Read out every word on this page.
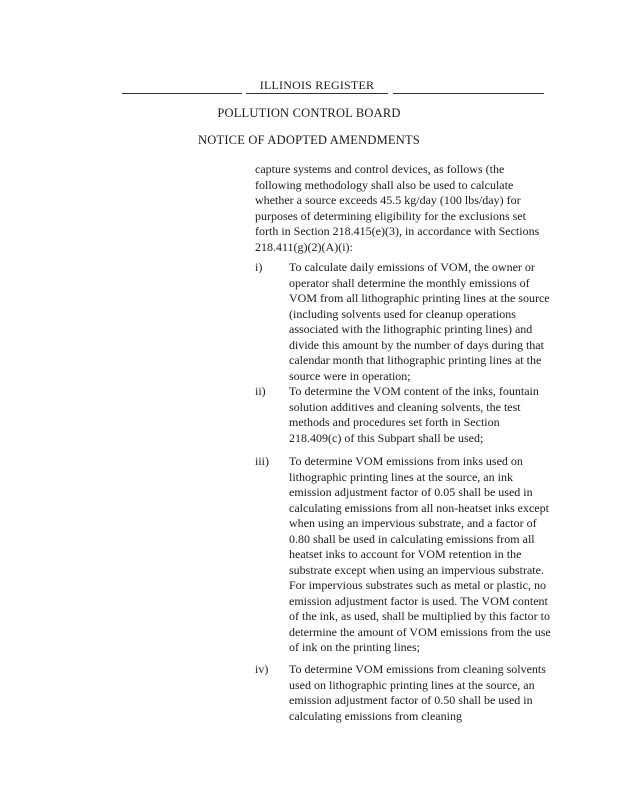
ILLINOIS REGISTER
POLLUTION CONTROL BOARD
NOTICE OF ADOPTED AMENDMENTS

capture systems and control devices, as follows (the following methodology shall also be used to calculate whether a source exceeds 45.5 kg/day (100 lbs/day) for purposes of determining eligibility for the exclusions set forth in Section 218.415(e)(3), in accordance with Sections 218.411(g)(2)(A)(i):

i)	To calculate daily emissions of VOM, the owner or operator shall determine the monthly emissions of VOM from all lithographic printing lines at the source (including solvents used for cleanup operations associated with the lithographic printing lines) and divide this amount by the number of days during that calendar month that lithographic printing lines at the source were in operation;

ii)	To determine the VOM content of the inks, fountain solution additives and cleaning solvents, the test methods and procedures set forth in Section 218.409(c) of this Subpart shall be used;

iii)	To determine VOM emissions from inks used on lithographic printing lines at the source, an ink emission adjustment factor of 0.05 shall be used in calculating emissions from all non-heatset inks except when using an impervious substrate, and a factor of 0.80 shall be used in calculating emissions from all heatset inks to account for VOM retention in the substrate except when using an impervious substrate. For impervious substrates such as metal or plastic, no emission adjustment factor is used. The VOM content of the ink, as used, shall be multiplied by this factor to determine the amount of VOM emissions from the use of ink on the printing lines;

iv)	To determine VOM emissions from cleaning solvents used on lithographic printing lines at the source, an emission adjustment factor of 0.50 shall be used in calculating emissions from cleaning
